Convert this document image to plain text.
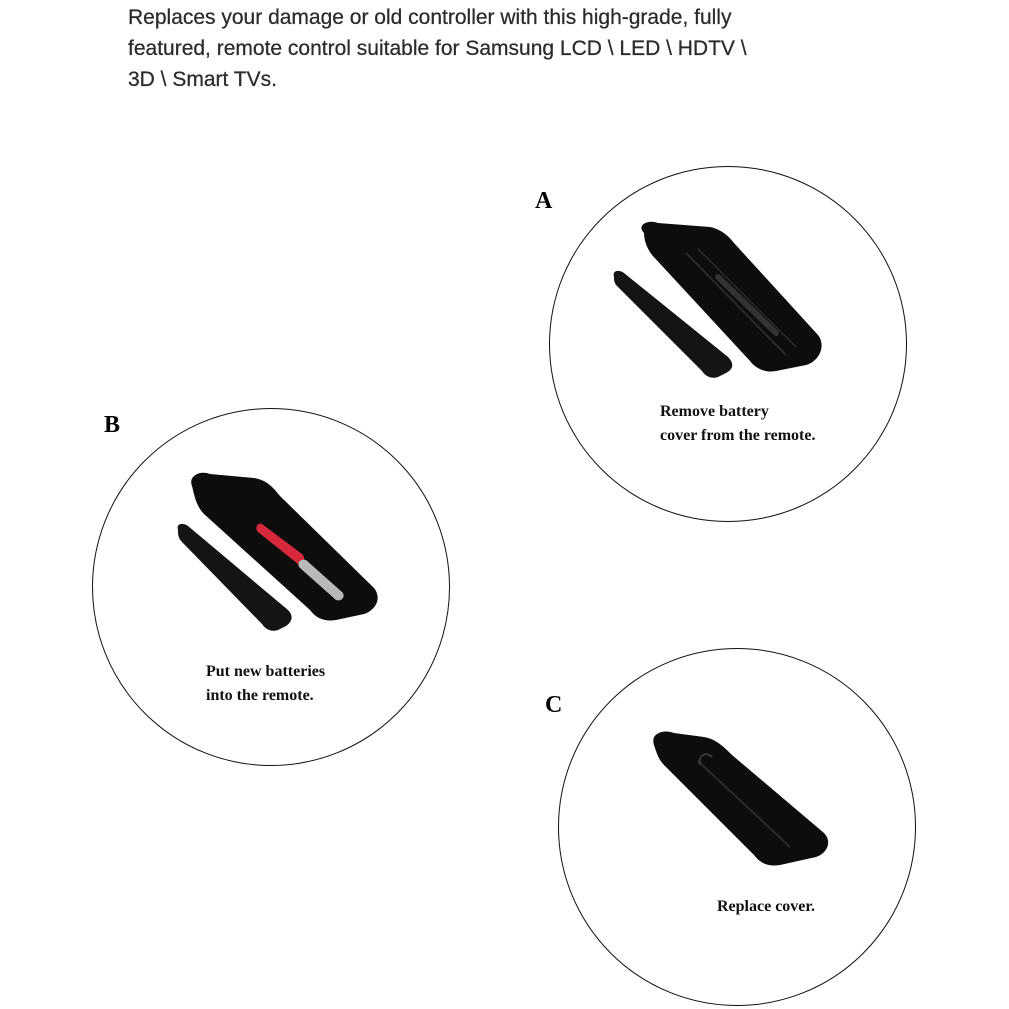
Replaces your damage or old controller with this high-grade, fully
featured, remote control suitable for Samsung LCD \ LED \ HDTV \
3D \ Smart TVs.

A

Remove battery
cover from the remote.

B

Put new batteries
into the remote.	C

Replace cover.
